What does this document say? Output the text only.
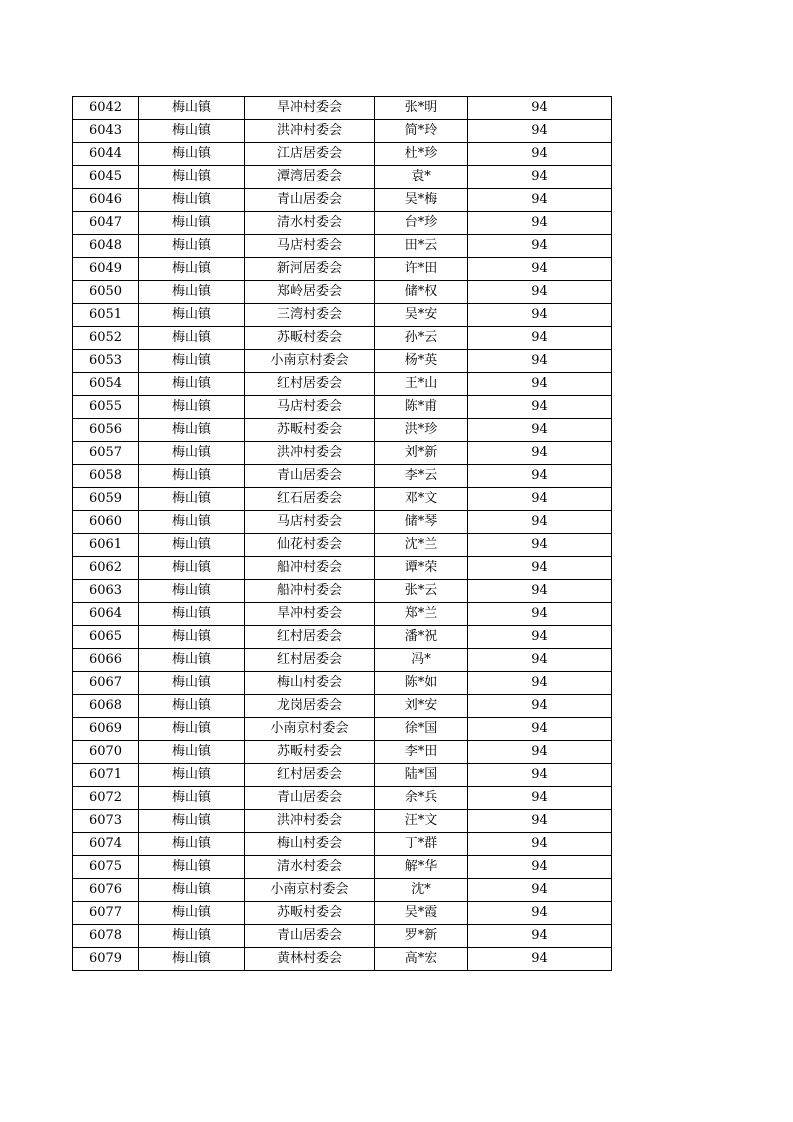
6042	梅山镇	旱冲村委会	张*明	94
6043	梅山镇	洪冲村委会	简*玲	94
6044	梅山镇	江店居委会	杜*珍	94
6045	梅山镇	潭湾居委会	袁*	94
6046	梅山镇	青山居委会	吴*梅	94
6047	梅山镇	清水村委会	台*珍	94
6048	梅山镇	马店村委会	田*云	94
6049	梅山镇	新河居委会	许*田	94
6050	梅山镇	郑岭居委会	储*权	94
6051	梅山镇	三湾村委会	吴*安	94
6052	梅山镇	苏畈村委会	孙*云	94
6053	梅山镇	小南京村委会	杨*英	94
6054	梅山镇	红村居委会	王*山	94
6055	梅山镇	马店村委会	陈*甫	94
6056	梅山镇	苏畈村委会	洪*珍	94
6057	梅山镇	洪冲村委会	刘*新	94
6058	梅山镇	青山居委会	李*云	94
6059	梅山镇	红石居委会	邓*文	94
6060	梅山镇	马店村委会	储*琴	94
6061	梅山镇	仙花村委会	沈*兰	94
6062	梅山镇	船冲村委会	谭*荣	94
6063	梅山镇	船冲村委会	张*云	94
6064	梅山镇	旱冲村委会	郑*兰	94
6065	梅山镇	红村居委会	潘*祝	94
6066	梅山镇	红村居委会	冯*	94
6067	梅山镇	梅山村委会	陈*如	94
6068	梅山镇	龙岗居委会	刘*安	94
6069	梅山镇	小南京村委会	徐*国	94
6070	梅山镇	苏畈村委会	李*田	94
6071	梅山镇	红村居委会	陆*国	94
6072	梅山镇	青山居委会	余*兵	94
6073	梅山镇	洪冲村委会	汪*文	94
6074	梅山镇	梅山村委会	丁*群	94
6075	梅山镇	清水村委会	解*华	94
6076	梅山镇	小南京村委会	沈*	94
6077	梅山镇	苏畈村委会	吴*霞	94
6078	梅山镇	青山居委会	罗*新	94
6079	梅山镇	黄林村委会	高*宏	94
